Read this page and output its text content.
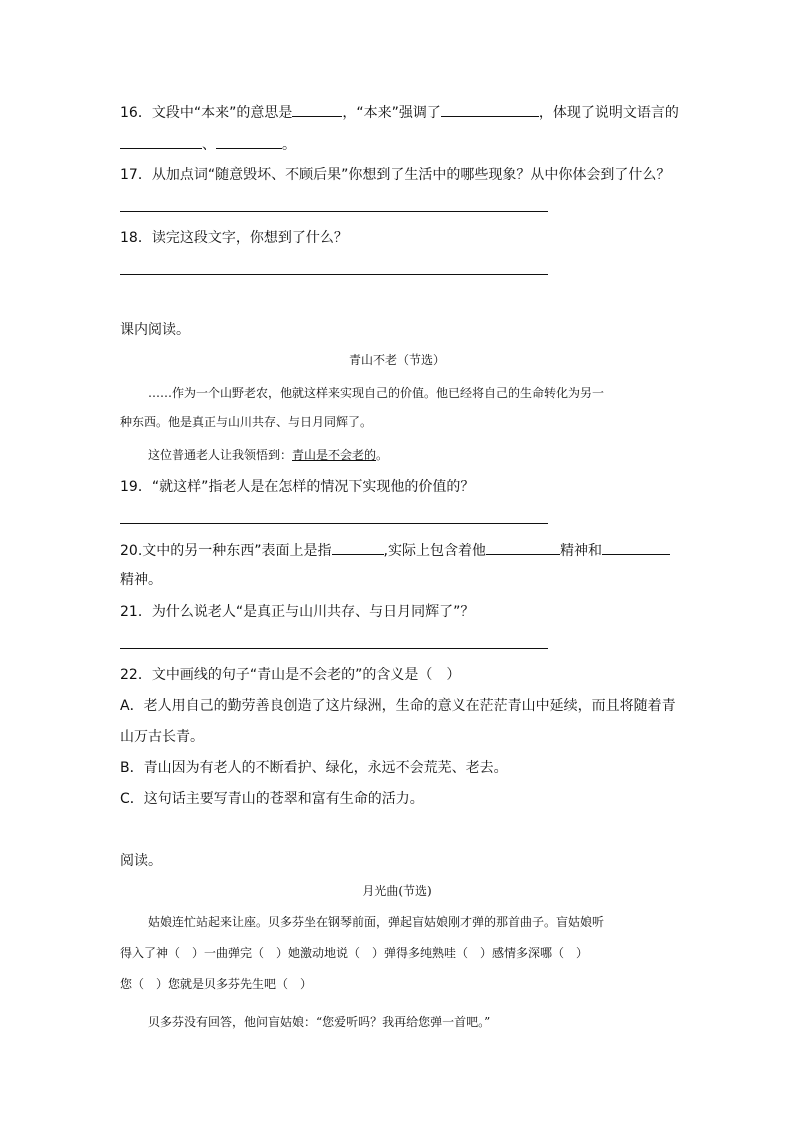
16．文段中“本来”的意思是	，“本来”强调了	，体现了说明文语言的
、	。
17．从加点词“随意毁坏、不顾后果”你想到了生活中的哪些现象？从中你体会到了什么？
18．读完这段文字，你想到了什么？
课内阅读。
青山不老（节选）
……作为一个山野老农，他就这样来实现自己的价值。他已经将自己的生命转化为另一
种东西。他是真正与山川共存、与日月同辉了。
这位普通老人让我领悟到：青山是不会老的。
19．“就这样”指老人是在怎样的情况下实现他的价值的？
20.文中的另一种东西”表面上是指	,实际上包含着他	精神和
精神。
21．为什么说老人“是真正与山川共存、与日月同辉了”？
22．文中画线的句子“青山是不会老的”的含义是（　）
A．老人用自己的勤劳善良创造了这片绿洲，生命的意义在茫茫青山中延续，而且将随着青
山万古长青。
B．青山因为有老人的不断看护、绿化，永远不会荒芜、老去。
C．这句话主要写青山的苍翠和富有生命的活力。
阅读。
月光曲(节选)
姑娘连忙站起来让座。贝多芬坐在钢琴前面，弹起盲姑娘刚才弹的那首曲子。盲姑娘听
得入了神（　）一曲弹完（　）她激动地说（　）弹得多纯熟哇（　）感情多深哪（　）
您（　）您就是贝多芬先生吧（　）
贝多芬没有回答，他问盲姑娘：“您爱听吗？我再给您弹一首吧。”
